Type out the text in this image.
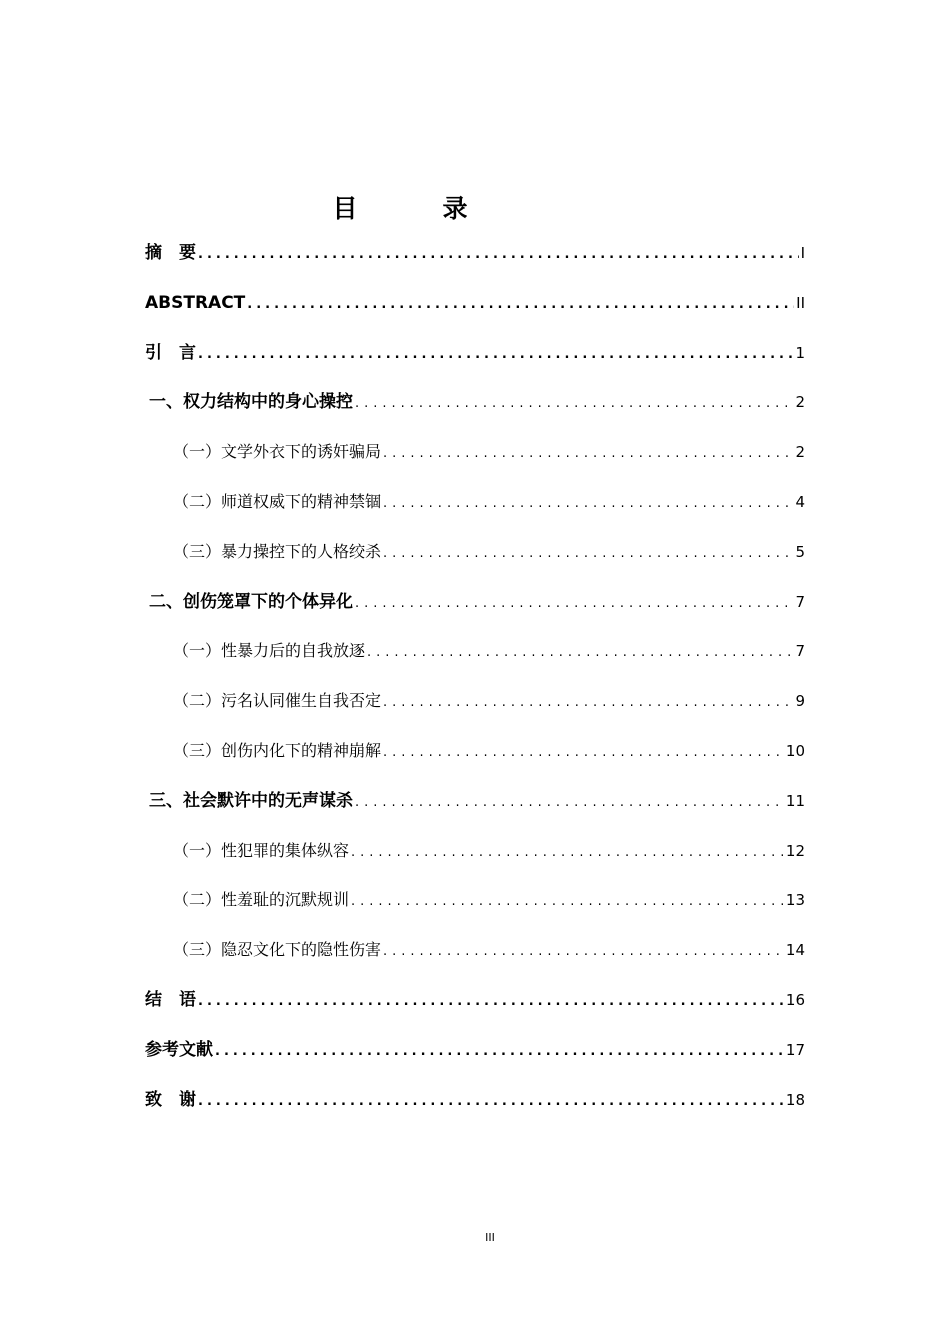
目　录
摘　要 .....	I
ABSTRACT .....	II
引　言 .....	1
一、权力结构中的身心操控 .....	2
（一）文学外衣下的诱奸骗局 .....	2
（二）师道权威下的精神禁锢 .....	4
（三）暴力操控下的人格绞杀 .....	5
二、创伤笼罩下的个体异化 .....	7
（一）性暴力后的自我放逐 .....	7
（二）污名认同催生自我否定 .....	9
（三）创伤内化下的精神崩解 .....	10
三、社会默许中的无声谋杀 .....	11
（一）性犯罪的集体纵容 .....	12
（二）性羞耻的沉默规训 .....	13
（三）隐忍文化下的隐性伤害 .....	14
结　语 .....	16
参考文献 .....	17
致　谢 .....	18
III
